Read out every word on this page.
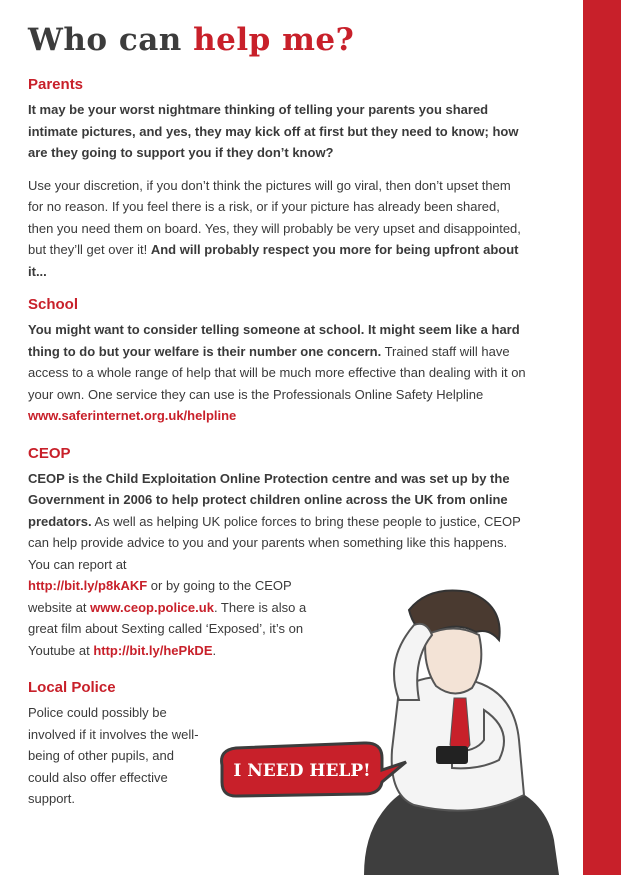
Who can help me?
Parents

It may be your worst nightmare thinking of telling your parents you shared intimate pictures, and yes, they may kick off at first but they need to know; how are they going to support you if they don’t know?

Use your discretion, if you don’t think the pictures will go viral, then don’t upset them for no reason. If you feel there is a risk, or if your picture has already been shared, then you need them on board. Yes, they will probably be very upset and disappointed, but they’ll get over it! And will probably respect you more for being upfront about it...

School

You might want to consider telling someone at school. It might seem like a hard thing to do but your welfare is their number one concern. Trained staff will have access to a whole range of help that will be much more effective than dealing with it on your own. One service they can use is the Professionals Online Safety Helpline www.saferinternet.org.uk/helpline

CEOP

CEOP is the Child Exploitation Online Protection centre and was set up by the Government in 2006 to help protect children online across the UK from online predators. As well as helping UK police forces to bring these people to justice, CEOP can help provide advice to you and your parents when something like this happens. You can report at

http://bit.ly/p8kAKF or by going to the CEOP website at www.ceop.police.uk. There is also a great film about Sexting called ‘Exposed’, it’s on Youtube at http://bit.ly/hePkDE.

Local Police

Police could possibly be involved if it involves the well-being of other pupils, and could also offer effective support.

I NEED HELP!
